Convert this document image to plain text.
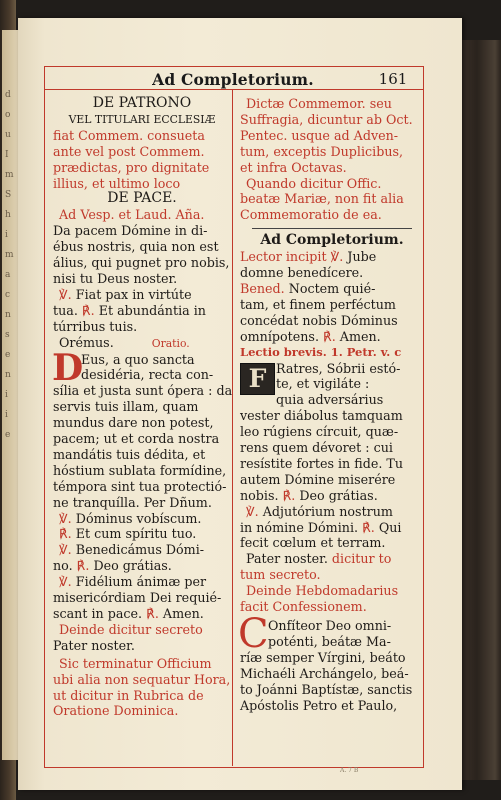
d
o
u
I
m
S
h
i
m
a
c
n
s
e
n
i
i
e
Ad Completorium.	161
DE PATRONO
VEL TITULARI ECCLESIÆ
fiat Commem. consueta
ante vel post Commem.
prædictas, pro dignitate
illius, et ultimo loco
DE PACE.
Ad Vesp. et Laud. Aña.
Da pacem Dómine in di-
ébus nostris, quia non est
álius, qui pugnet pro nobis,
nisi tu Deus noster.
℣. Fiat pax in virtúte
tua. ℟. Et abundántia in
túrribus tuis.
Orémus.	Oratio.
D
Eus, a quo sancta
desidéria, recta con-
sília et justa sunt ópera : da
servis tuis illam, quam
mundus dare non potest,
pacem; ut et corda nostra
mandátis tuis dédita, et
hóstium sublata formídine,
témpora sint tua protectió-
ne tranquílla. Per Dñum.
℣. Dóminus vobíscum.
℟. Et cum spíritu tuo.
℣. Benedicámus Dómi-
no. ℟. Deo grátias.
℣. Fidélium ánimæ per
misericórdiam Dei requié-
scant in pace. ℟. Amen.
Deinde dicitur secreto
Pater noster.
Sic terminatur Officium
ubi alia non sequatur Hora,
ut dicitur in Rubrica de
Oratione Dominica.
Dictæ Commemor. seu
Suffragia, dicuntur ab Oct.
Pentec. usque ad Adven-
tum, exceptis Duplicibus,
et infra Octavas.
Quando dicitur Offic.
beatæ Mariæ, non fit alia
Commemoratio de ea.
Ad Completorium.
Lector incipit ℣. Jube
domne benedícere.
Bened. Noctem quié-
tam, et finem perféctum
concédat nobis Dóminus
omnípotens. ℟. Amen.
Lectio brevis. 1. Petr. v. c
F Ratres, Sóbrii estó-
te, et vigiláte :
quia adversárius
vester diábolus tamquam
leo rúgiens círcuit, quæ-
rens quem dévoret : cui
resístite fortes in fide. Tu
autem Dómine miserére
nobis. ℟. Deo grátias.
℣. Adjutórium nostrum
in nómine Dómini. ℟. Qui
fecit cœlum et terram.
Pater noster. dicitur to
tum secreto.
Deinde Hebdomadarius
facit Confessionem.
C Onfíteor Deo omni-
poténti, beátæ Ma-
ríæ semper Vírgini, beáto
Michaéli Archángelo, beá-
to Joánni Baptístæ, sanctis
Apóstolis Petro et Paulo,
A. 7 B
